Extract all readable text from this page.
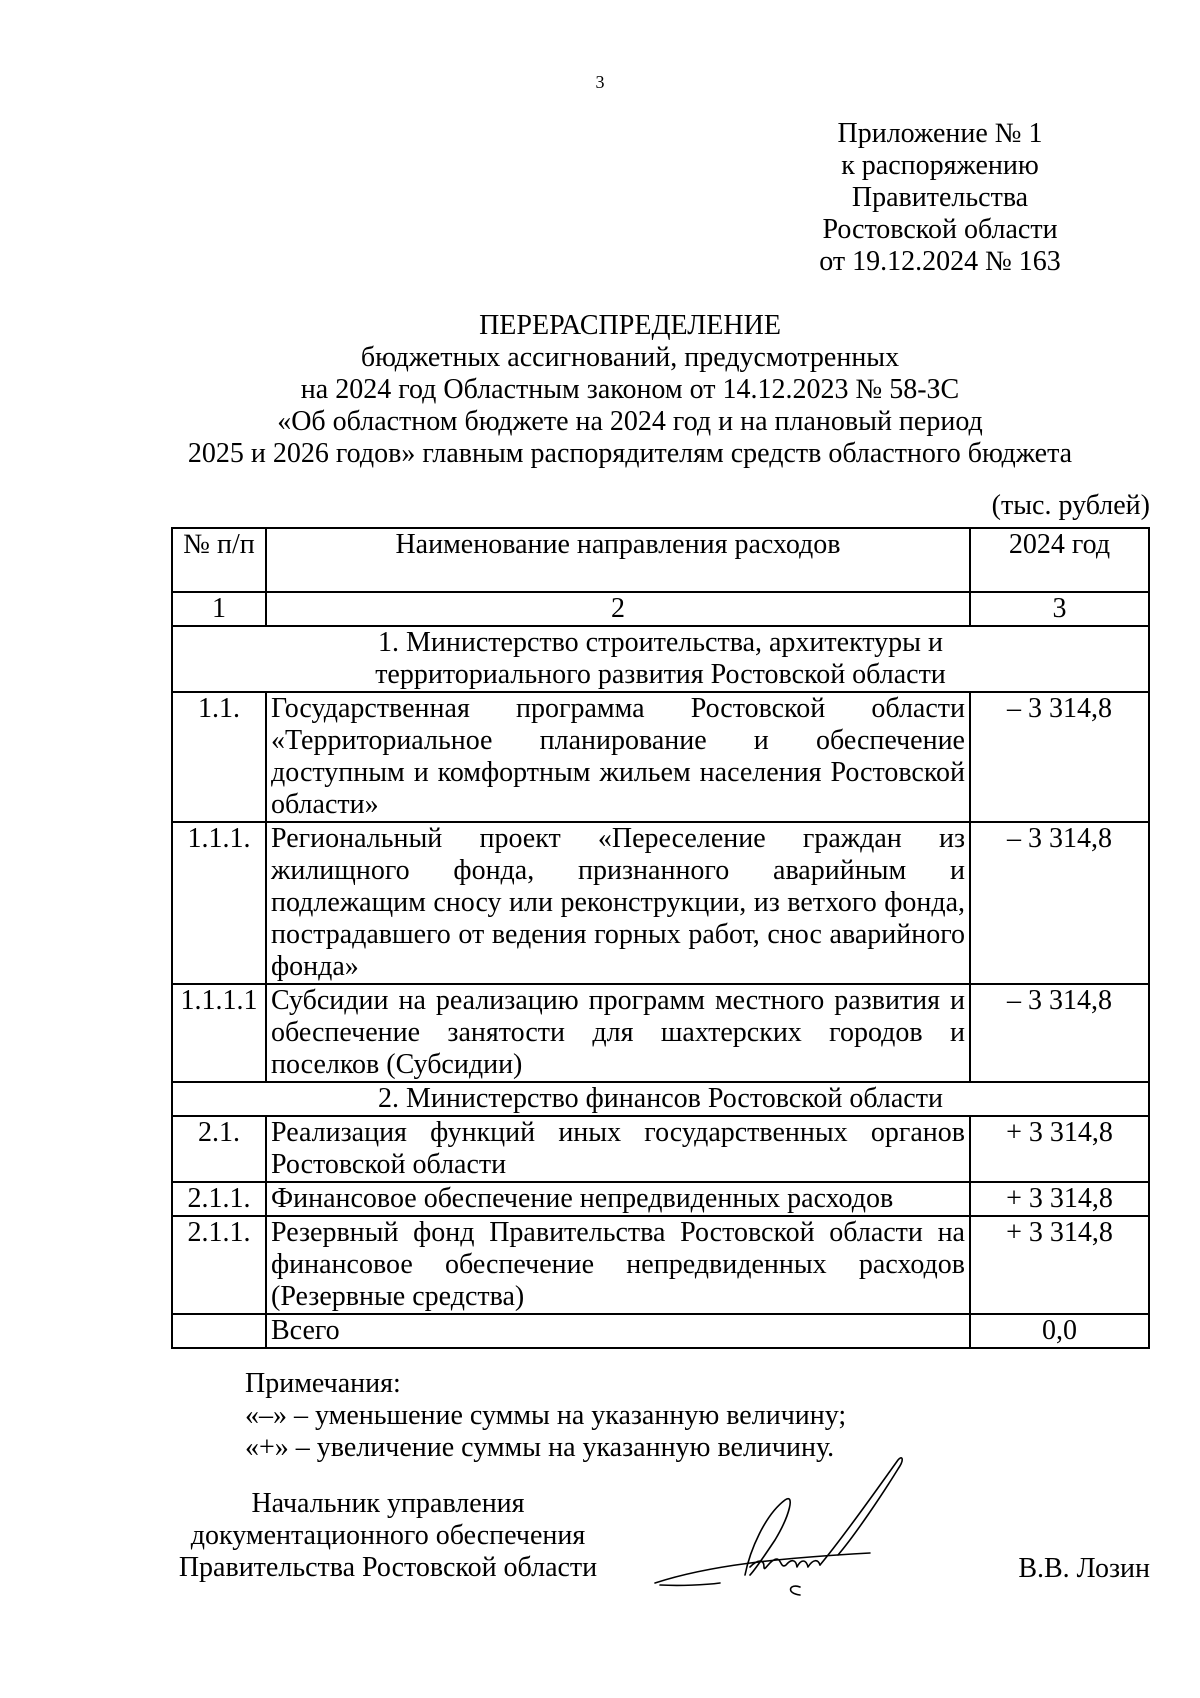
3
Приложение № 1
к распоряжению
Правительства
Ростовской области
от 19.12.2024 № 163
ПЕРЕРАСПРЕДЕЛЕНИЕ
бюджетных ассигнований, предусмотренных
на 2024 год Областным законом от 14.12.2023 № 58-ЗС
«Об областном бюджете на 2024 год и на плановый период
2025 и 2026 годов» главным распорядителям средств областного бюджета
(тыс. рублей)
№ п/п	Наименование направления расходов	2024 год
1	2	3
1. Министерство строительства, архитектуры и территориального развития Ростовской области		
1.1.	Государственная программа Ростовской области «Территориальное планирование и обеспечение доступным и комфортным жильем населения Ростовской области»	– 3 314,8
1.1.1.	Региональный проект «Переселение граждан из жилищного фонда, признанного аварийным и подлежащим сносу или реконструкции, из ветхого фонда, пострадавшего от ведения горных работ, снос аварийного фонда»	– 3 314,8
1.1.1.1	Субсидии на реализацию программ местного развития и обеспечение занятости для шахтерских городов и поселков (Субсидии)	– 3 314,8
2. Министерство финансов Ростовской области		
2.1.	Реализация функций иных государственных органов Ростовской области	+ 3 314,8
2.1.1.	Финансовое обеспечение непредвиденных расходов	+ 3 314,8
2.1.1.	Резервный фонд Правительства Ростовской области на финансовое обеспечение непредвиденных расходов (Резервные средства)	+ 3 314,8
	Всего	0,0
Примечания:
«–» – уменьшение суммы на указанную величину;
«+» – увеличение суммы на указанную величину.
Начальник управления
документационного обеспечения
Правительства Ростовской области	В.В. Лозин
